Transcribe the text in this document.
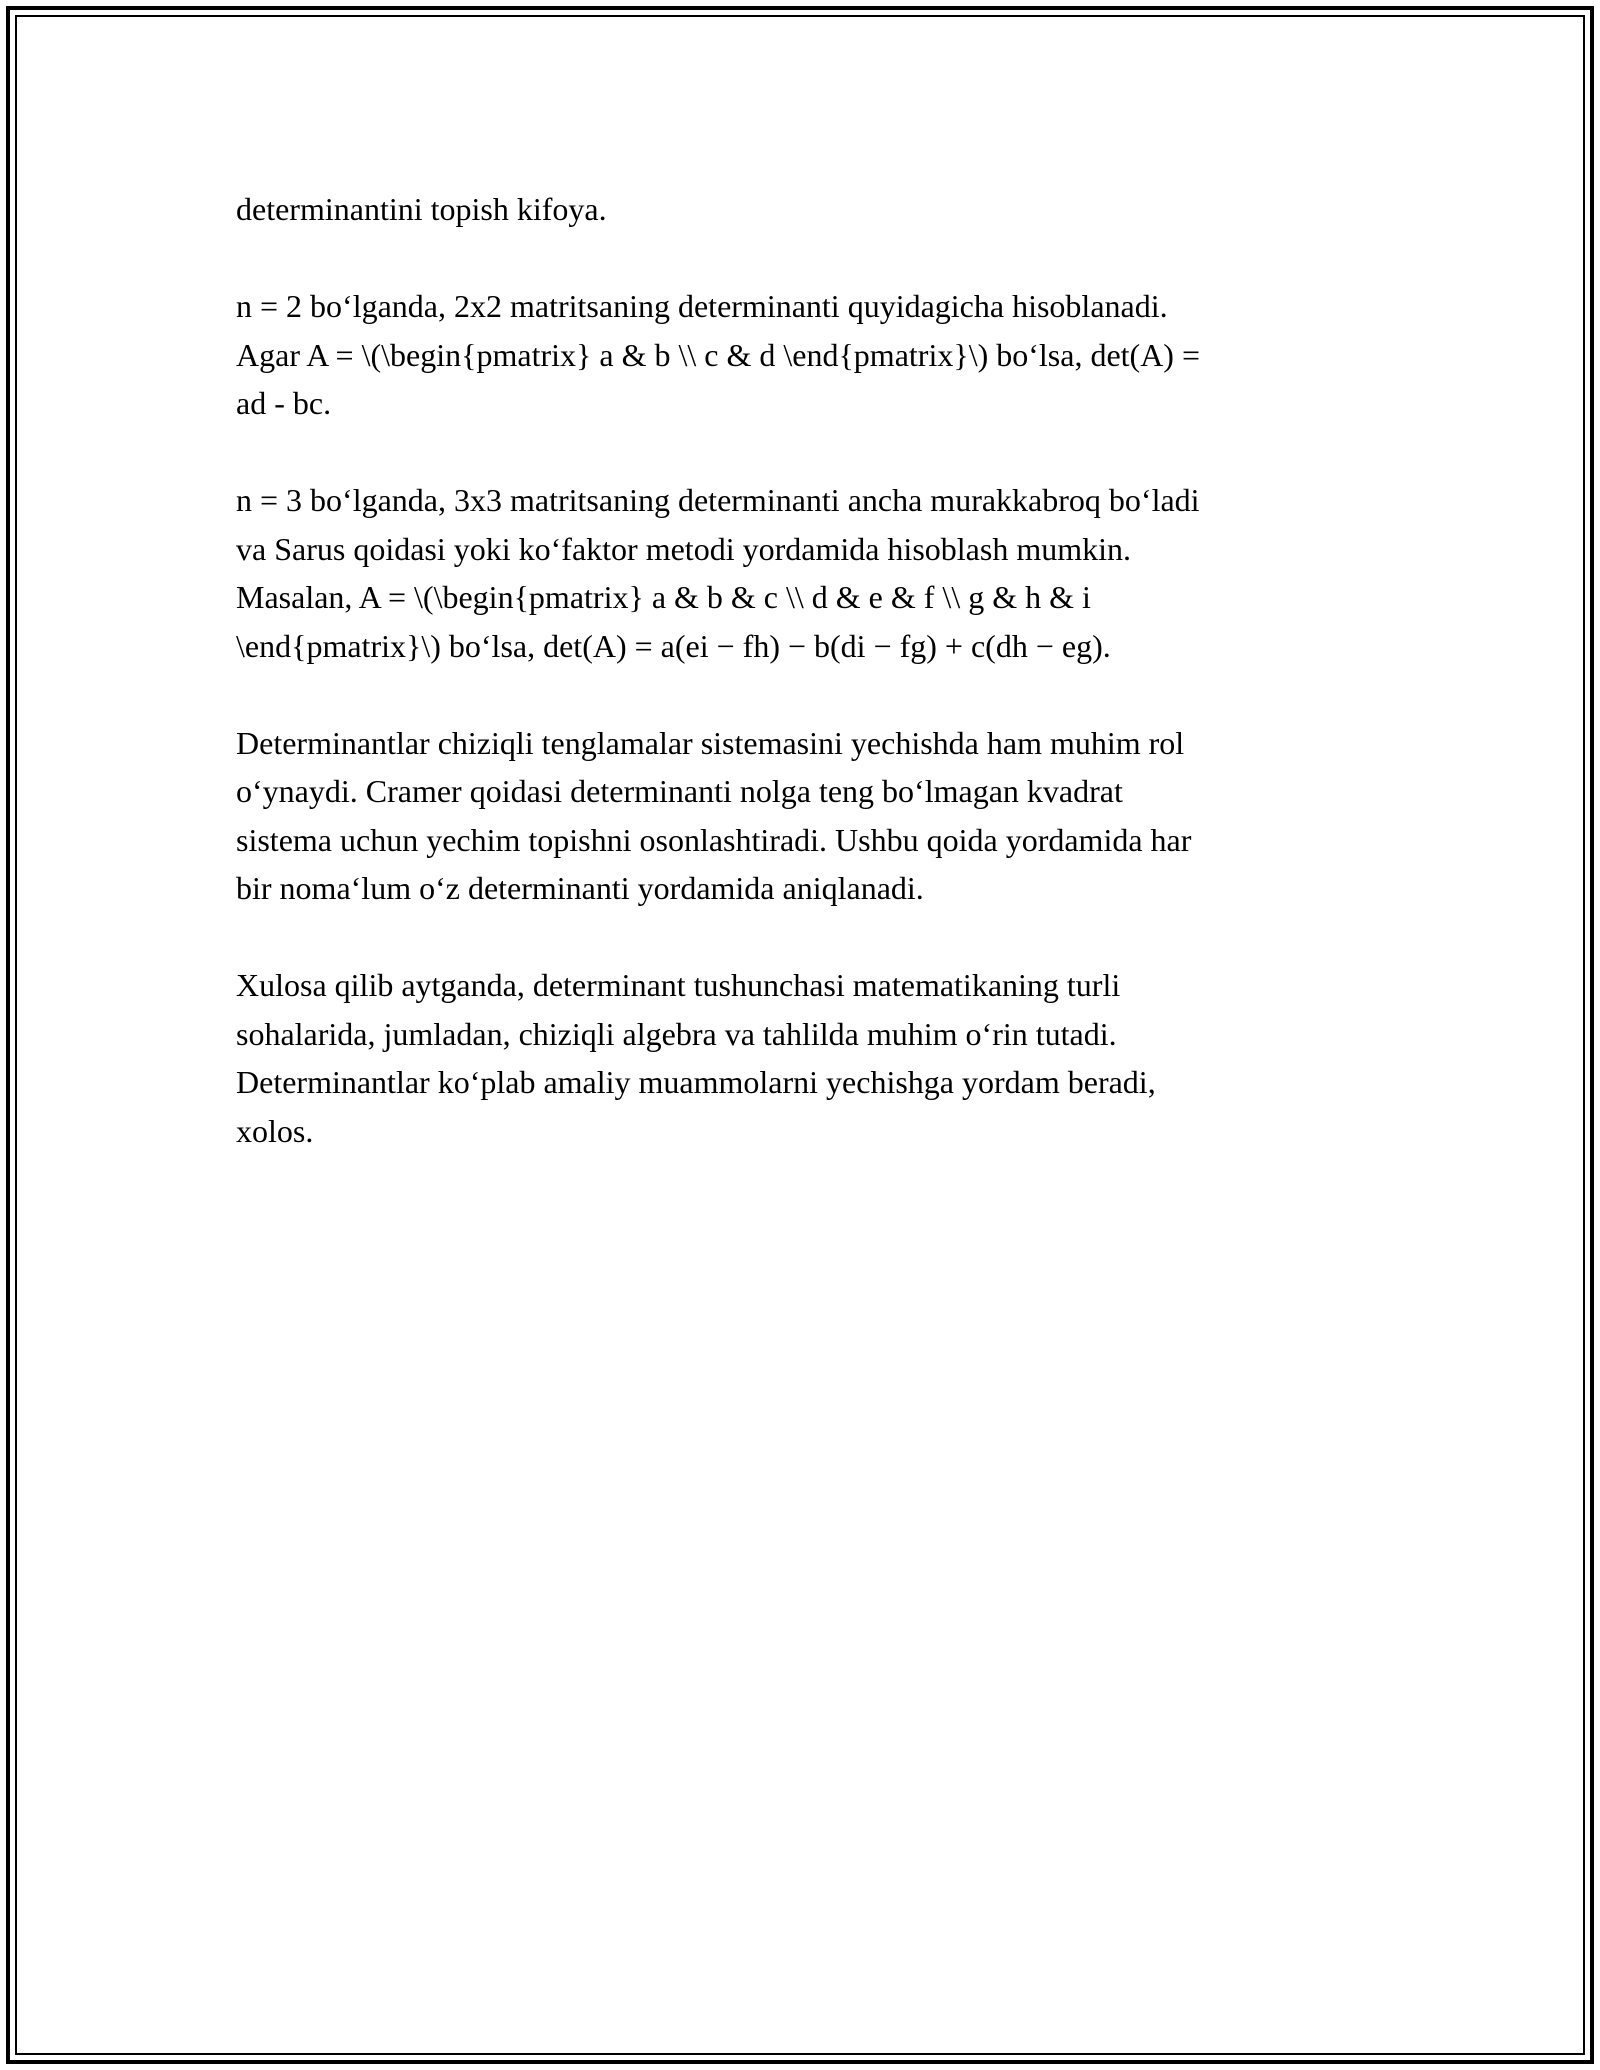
determinantini topish kifoya.

n = 2 bo‘lganda, 2x2 matritsaning determinanti quyidagicha hisoblanadi.
Agar A = \(\begin{pmatrix} a & b \\ c & d \end{pmatrix}\) bo‘lsa, det(A) =
ad - bc.

n = 3 bo‘lganda, 3x3 matritsaning determinanti ancha murakkabroq bo‘ladi
va Sarus qoidasi yoki ko‘faktor metodi yordamida hisoblash mumkin.
Masalan, A = \(\begin{pmatrix} a & b & c \\ d & e & f \\ g & h & i
\end{pmatrix}\) bo‘lsa, det(A) = a(ei − fh) − b(di − fg) + c(dh − eg).

Determinantlar chiziqli tenglamalar sistemasini yechishda ham muhim rol
o‘ynaydi. Cramer qoidasi determinanti nolga teng bo‘lmagan kvadrat
sistema uchun yechim topishni osonlashtiradi. Ushbu qoida yordamida har
bir noma‘lum o‘z determinanti yordamida aniqlanadi.

Xulosa qilib aytganda, determinant tushunchasi matematikaning turli
sohalarida, jumladan, chiziqli algebra va tahlilda muhim o‘rin tutadi.
Determinantlar ko‘plab amaliy muammolarni yechishga yordam beradi,
xolos.
